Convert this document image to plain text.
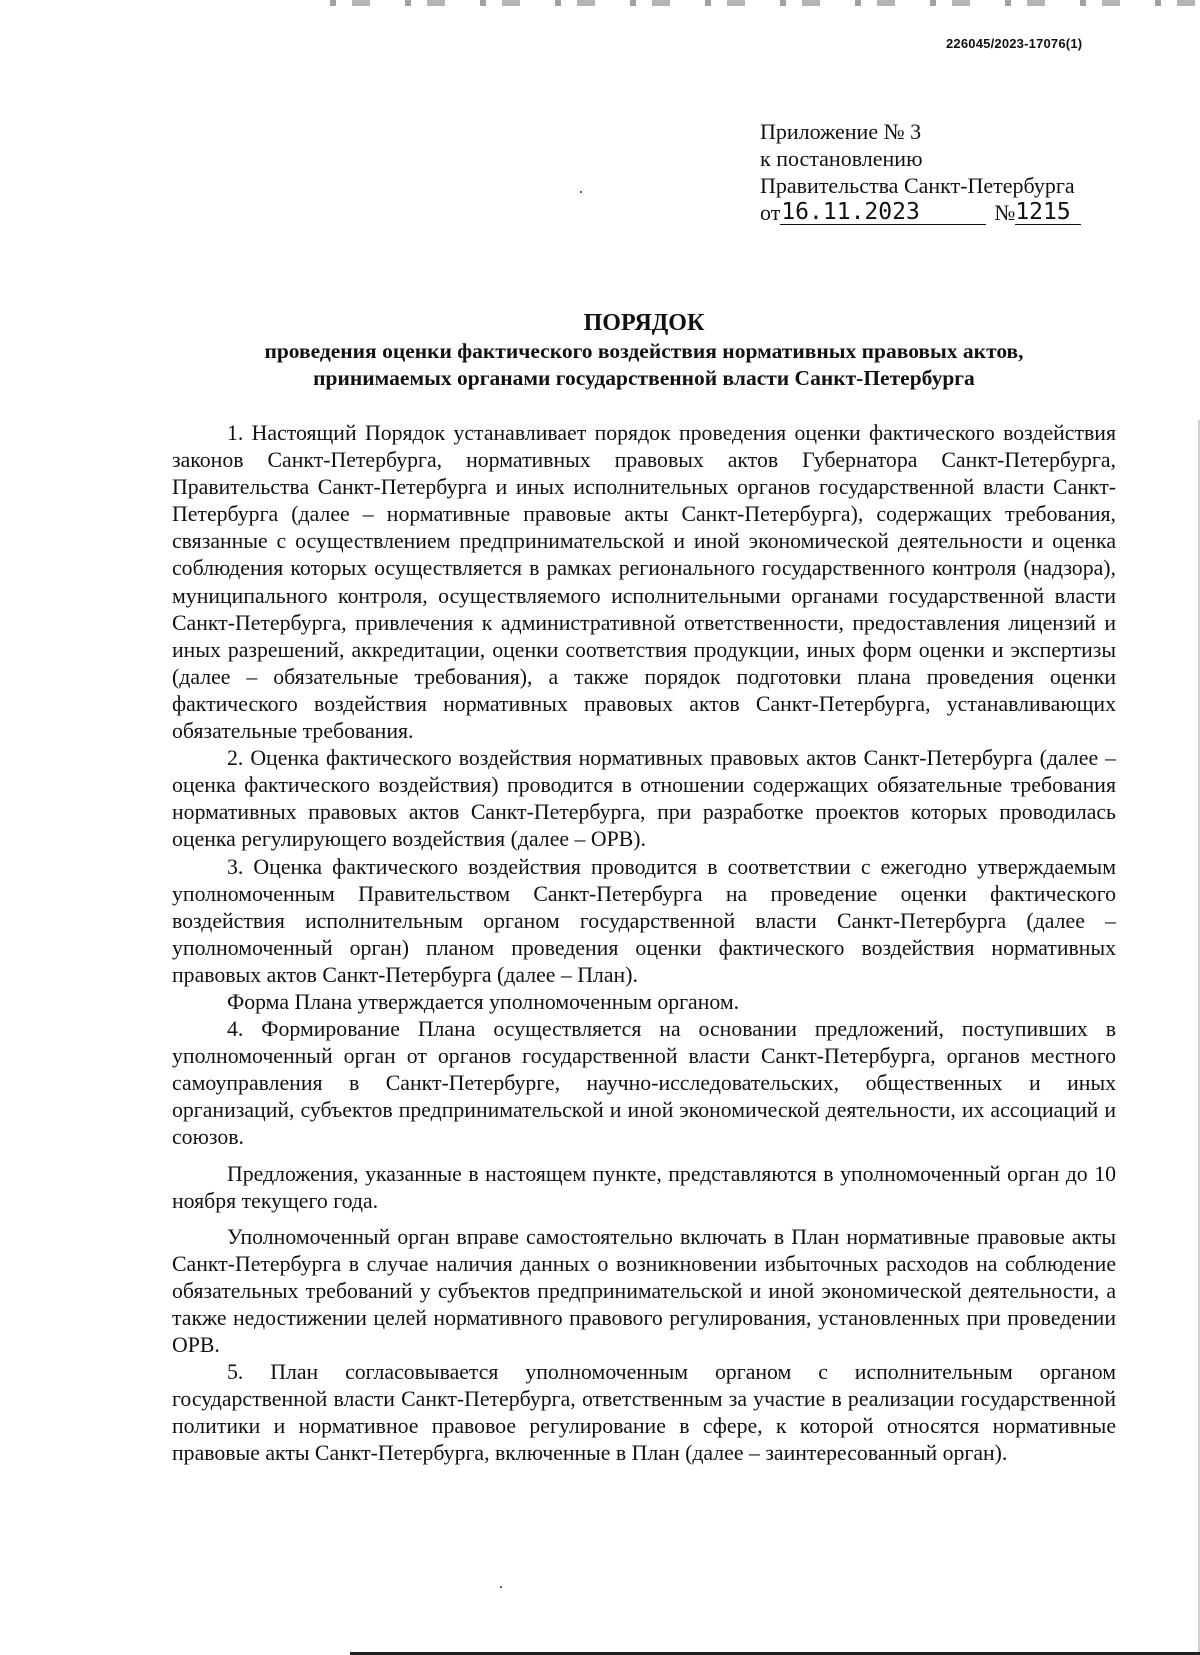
226045/2023-17076(1)
Приложение № 3
к постановлению
Правительства Санкт-Петербурга
от16.11.2023	№1215
ПОРЯДОК
проведения оценки фактического воздействия нормативных правовых актов,
принимаемых органами государственной власти Санкт-Петербурга

1. Настоящий Порядок устанавливает порядок проведения оценки фактического воздействия законов Санкт-Петербурга, нормативных правовых актов Губернатора Санкт-Петербурга, Правительства Санкт-Петербурга и иных исполнительных органов государственной власти Санкт-Петербурга (далее – нормативные правовые акты Санкт-Петербурга), содержащих требования, связанные с осуществлением предпринимательской и иной экономической деятельности и оценка соблюдения которых осуществляется в рамках регионального государственного контроля (надзора), муниципального контроля, осуществляемого исполнительными органами государственной власти Санкт-Петербурга, привлечения к административной ответственности, предоставления лицензий и иных разрешений, аккредитации, оценки соответствия продукции, иных форм оценки и экспертизы (далее – обязательные требования), а также порядок подготовки плана проведения оценки фактического воздействия нормативных правовых актов Санкт-Петербурга, устанавливающих обязательные требования.

2. Оценка фактического воздействия нормативных правовых актов Санкт-Петербурга (далее – оценка фактического воздействия) проводится в отношении содержащих обязательные требования нормативных правовых актов Санкт-Петербурга, при разработке проектов которых проводилась оценка регулирующего воздействия (далее – ОРВ).

3. Оценка фактического воздействия проводится в соответствии с ежегодно утверждаемым уполномоченным Правительством Санкт-Петербурга на проведение оценки фактического воздействия исполнительным органом государственной власти Санкт-Петербурга (далее – уполномоченный орган) планом проведения оценки фактического воздействия нормативных правовых актов Санкт-Петербурга (далее – План).

Форма Плана утверждается уполномоченным органом.

4. Формирование Плана осуществляется на основании предложений, поступивших в уполномоченный орган от органов государственной власти Санкт-Петербурга, органов местного самоуправления в Санкт-Петербурге, научно-исследовательских, общественных и иных организаций, субъектов предпринимательской и иной экономической деятельности, их ассоциаций и союзов.

Предложения, указанные в настоящем пункте, представляются в уполномоченный орган до 10 ноября текущего года.

Уполномоченный орган вправе самостоятельно включать в План нормативные правовые акты Санкт-Петербурга в случае наличия данных о возникновении избыточных расходов на соблюдение обязательных требований у субъектов предпринимательской и иной экономической деятельности, а также недостижении целей нормативного правового регулирования, установленных при проведении ОРВ.

5. План согласовывается уполномоченным органом с исполнительным органом государственной власти Санкт-Петербурга, ответственным за участие в реализации государственной политики и нормативное правовое регулирование в сфере, к которой относятся нормативные правовые акты Санкт-Петербурга, включенные в План (далее – заинтересованный орган).
